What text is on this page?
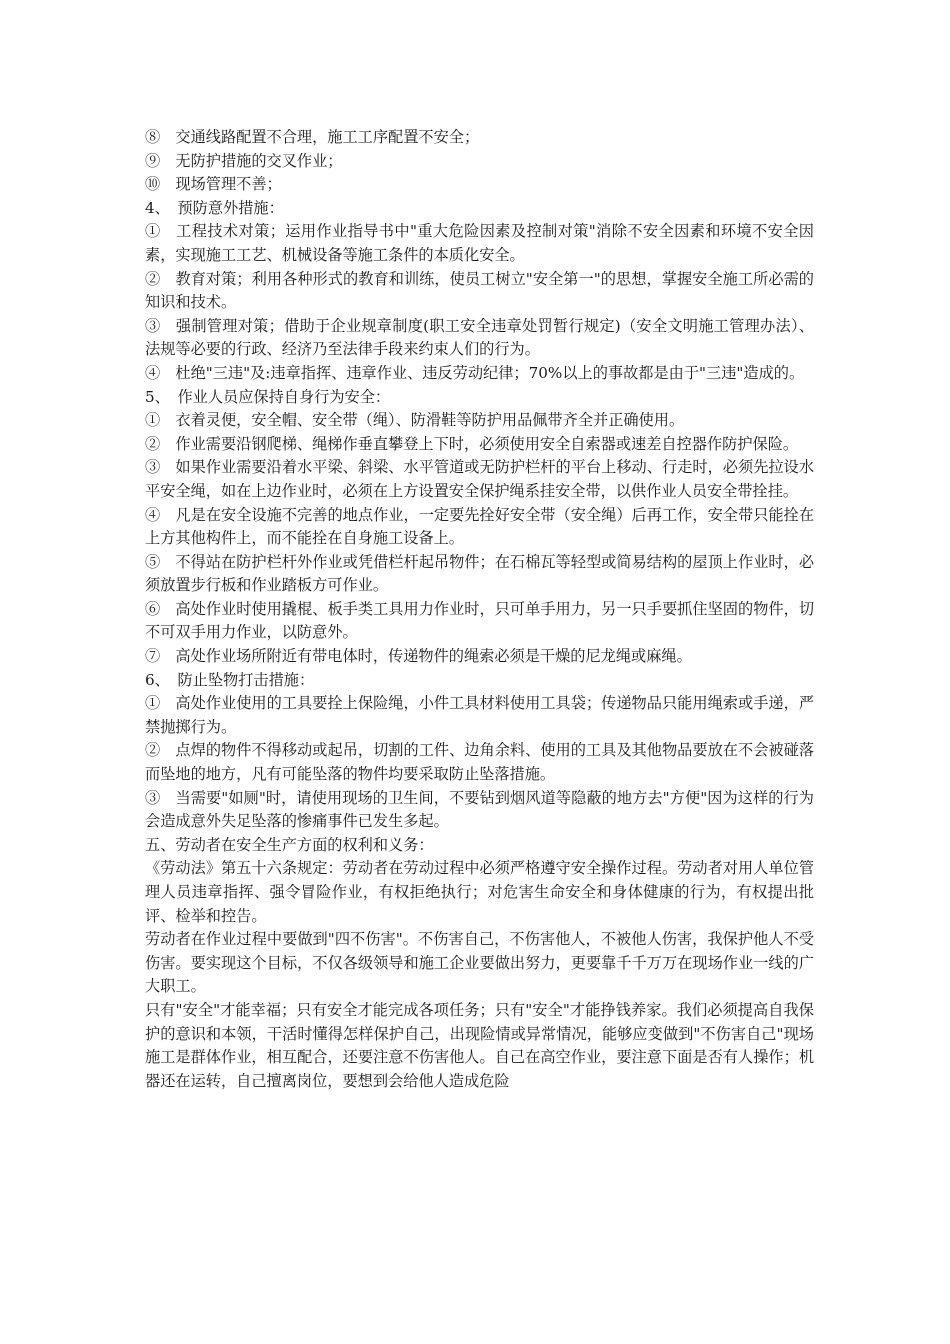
⑧　交通线路配置不合理，施工工序配置不安全；

⑨　无防护措施的交叉作业；

⑩　现场管理不善；

4、　预防意外措施：

①　工程技术对策；运用作业指导书中"重大危险因素及控制对策"消除不安全因素和环境不安全因素，实现施工工艺、机械设备等施工条件的本质化安全。

②　教育对策；利用各种形式的教育和训练，使员工树立"安全第一"的思想，掌握安全施工所必需的知识和技术。

③　强制管理对策；借助于企业规章制度(职工安全违章处罚暂行规定)（安全文明施工管理办法）、法规等必要的行政、经济乃至法律手段来约束人们的行为。

④　杜绝"三违"及:违章指挥、违章作业、违反劳动纪律；70%以上的事故都是由于"三违"造成的。

5、　作业人员应保持自身行为安全：

①　衣着灵便，安全帽、安全带（绳）、防滑鞋等防护用品佩带齐全并正确使用。

②　作业需要沿钢爬梯、绳梯作垂直攀登上下时，必须使用安全自索器或速差自控器作防护保险。

③　如果作业需要沿着水平梁、斜梁、水平管道或无防护栏杆的平台上移动、行走时，必须先拉设水平安全绳，如在上边作业时，必须在上方设置安全保护绳系挂安全带，以供作业人员安全带拴挂。

④　凡是在安全设施不完善的地点作业，一定要先拴好安全带（安全绳）后再工作，安全带只能拴在上方其他构件上，而不能拴在自身施工设备上。

⑤　不得站在防护栏杆外作业或凭借栏杆起吊物件；在石棉瓦等轻型或简易结构的屋顶上作业时，必须放置步行板和作业踏板方可作业。

⑥　高处作业时使用撬棍、板手类工具用力作业时，只可单手用力，另一只手要抓住坚固的物件，切不可双手用力作业，以防意外。

⑦　高处作业场所附近有带电体时，传递物件的绳索必须是干燥的尼龙绳或麻绳。

6、　防止坠物打击措施：

①　高处作业使用的工具要拴上保险绳，小件工具材料使用工具袋；传递物品只能用绳索或手递，严禁抛掷行为。

②　点焊的物件不得移动或起吊，切割的工件、边角余料、使用的工具及其他物品要放在不会被碰落而坠地的地方，凡有可能坠落的物件均要采取防止坠落措施。

③　当需要"如厕"时，请使用现场的卫生间，不要钻到烟风道等隐蔽的地方去"方便"因为这样的行为会造成意外失足坠落的惨痛事件已发生多起。

五、劳动者在安全生产方面的权利和义务：

《劳动法》第五十六条规定：劳动者在劳动过程中必须严格遵守安全操作过程。劳动者对用人单位管理人员违章指挥、强令冒险作业，有权拒绝执行；对危害生命安全和身体健康的行为，有权提出批评、检举和控告。

劳动者在作业过程中要做到"四不伤害"。不伤害自己，不伤害他人，不被他人伤害，我保护他人不受伤害。要实现这个目标，不仅各级领导和施工企业要做出努力，更要靠千千万万在现场作业一线的广大职工。

只有"安全"才能幸福；只有安全才能完成各项任务；只有"安全"才能挣钱养家。我们必须提高自我保护的意识和本领，干活时懂得怎样保护自己，出现险情或异常情况，能够应变做到"不伤害自己"现场施工是群体作业，相互配合，还要注意不伤害他人。自己在高空作业，要注意下面是否有人操作；机器还在运转，自己擅离岗位，要想到会给他人造成危险
